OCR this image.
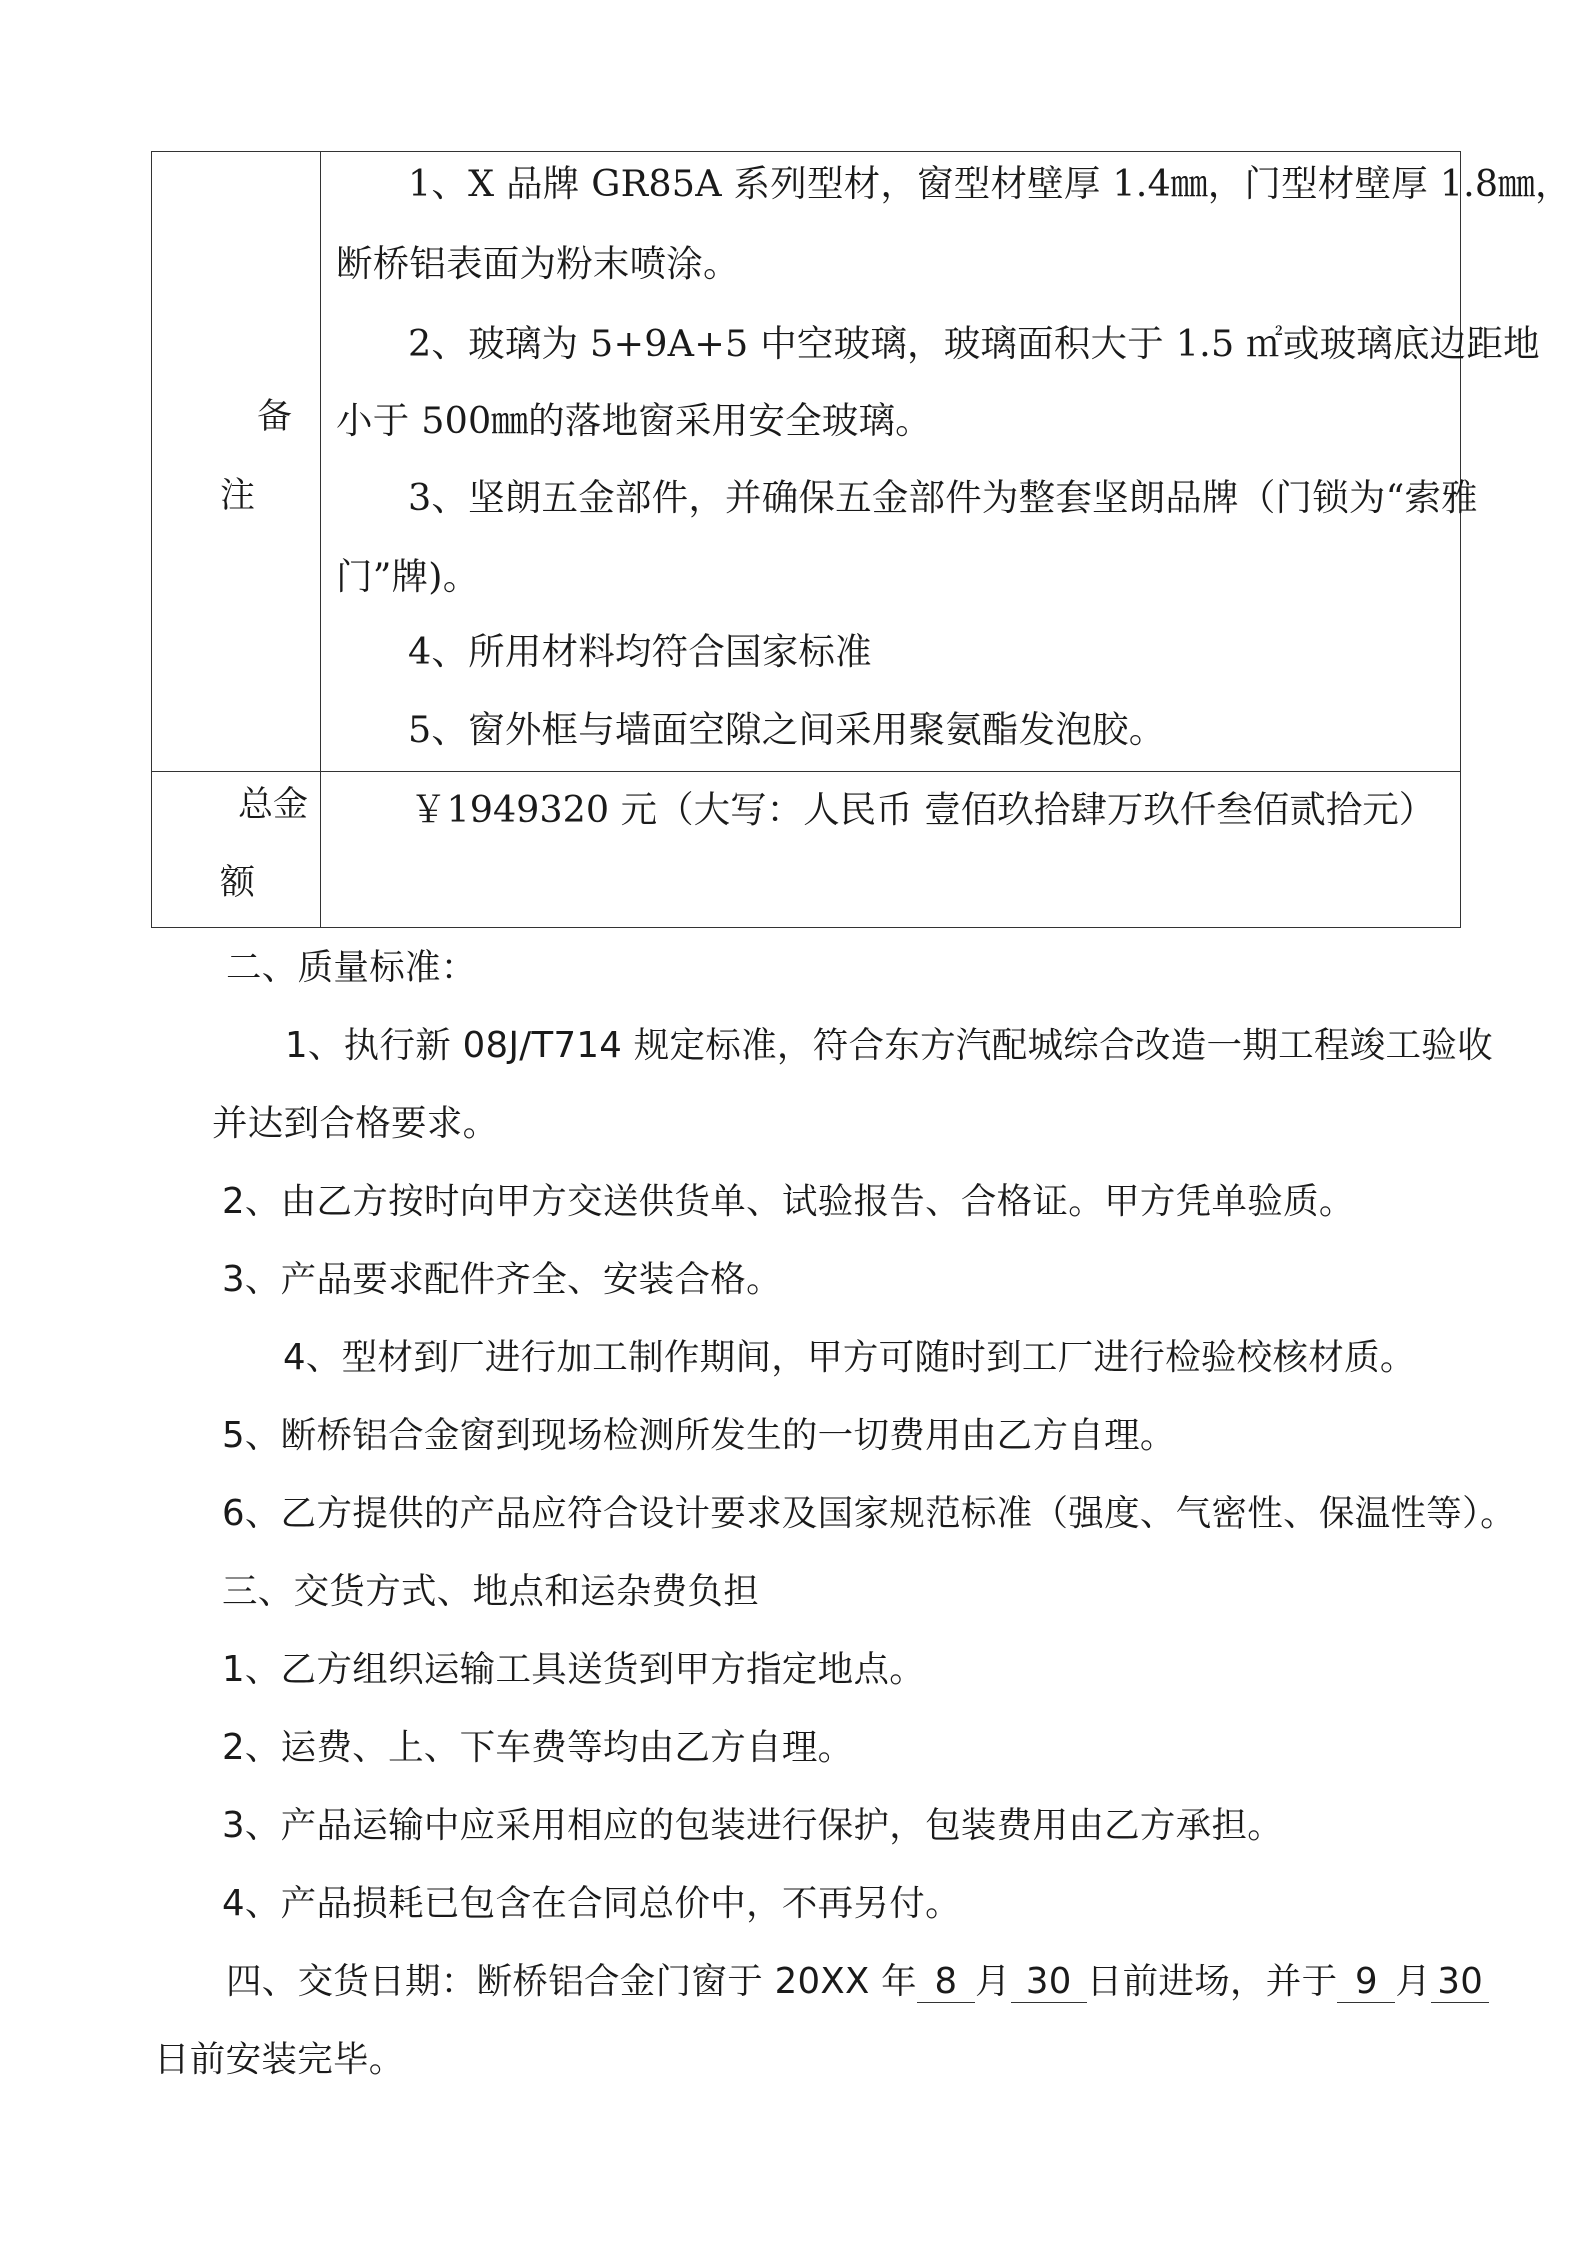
备
注
1、X 品牌 GR85A 系列型材，窗型材壁厚 1.4㎜，门型材壁厚 1.8㎜，
断桥铝表面为粉末喷涂。
2、玻璃为 5+9A+5 中空玻璃，玻璃面积大于 1.5 ㎡或玻璃底边距地
小于 500㎜的落地窗采用安全玻璃。
3、坚朗五金部件，并确保五金部件为整套坚朗品牌（门锁为“索雅
门”牌)。
4、所用材料均符合国家标准
5、窗外框与墙面空隙之间采用聚氨酯发泡胶。
总金
额
￥1949320 元（大写：人民币 壹佰玖拾肆万玖仟叁佰贰拾元）
二、质量标准：
1、执行新 08J/T714 规定标准，符合东方汽配城综合改造一期工程竣工验收
并达到合格要求。
2、由乙方按时向甲方交送供货单、试验报告、合格证。甲方凭单验质。
3、产品要求配件齐全、安装合格。
4、型材到厂进行加工制作期间，甲方可随时到工厂进行检验校核材质。
5、断桥铝合金窗到现场检测所发生的一切费用由乙方自理。
6、乙方提供的产品应符合设计要求及国家规范标准（强度、气密性、保温性等）。
三、交货方式、地点和运杂费负担
1、乙方组织运输工具送货到甲方指定地点。
2、运费、上、下车费等均由乙方自理。
3、产品运输中应采用相应的包装进行保护，包装费用由乙方承担。
4、产品损耗已包含在合同总价中，不再另付。
四、交货日期：断桥铝合金门窗于 20XX 年 8 月 30 日前进场，并于 9 月 30
日前安装完毕。
